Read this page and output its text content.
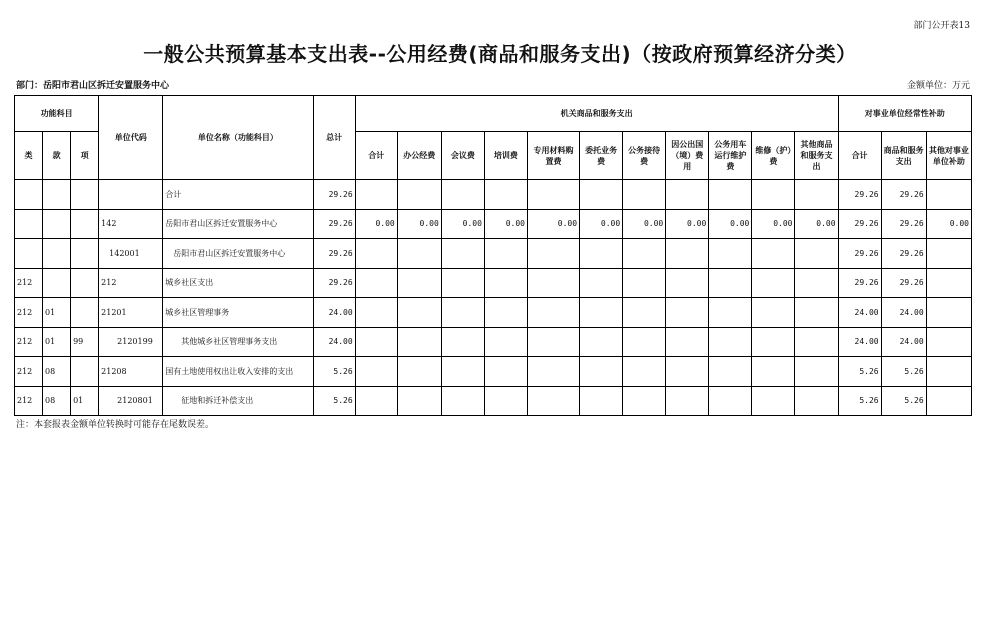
部门公开表13
一般公共预算基本支出表--公用经费(商品和服务支出)（按政府预算经济分类）
部门：岳阳市君山区拆迁安置服务中心	金额单位：万元
功能科目			单位代码	单位名称（功能科目）	总计	机关商品和服务支出											对事业单位经常性补助		
类	款	项				合计	办公经费	会议费	培训费	专用材料购置费	委托业务费	公务接待费	因公出国（境）费用	公务用车运行维护费	维修（护）费	其他商品和服务支出	合计	商品和服务支出	其他对事业单位补助
				合计	29.26												29.26	29.26	
			142	岳阳市君山区拆迁安置服务中心	29.26	0.00	0.00	0.00	0.00	0.00	0.00	0.00	0.00	0.00	0.00	0.00	29.26	29.26	0.00
			142001	岳阳市君山区拆迁安置服务中心	29.26												29.26	29.26	
212			212	城乡社区支出	29.26												29.26	29.26	
212	01		21201	城乡社区管理事务	24.00												24.00	24.00	
212	01	99	2120199	其他城乡社区管理事务支出	24.00												24.00	24.00	
212	08		21208	国有土地使用权出让收入安排的支出	5.26												5.26	5.26	
212	08	01	2120801	征地和拆迁补偿支出	5.26												5.26	5.26	
注：本套报表金额单位转换时可能存在尾数误差。
